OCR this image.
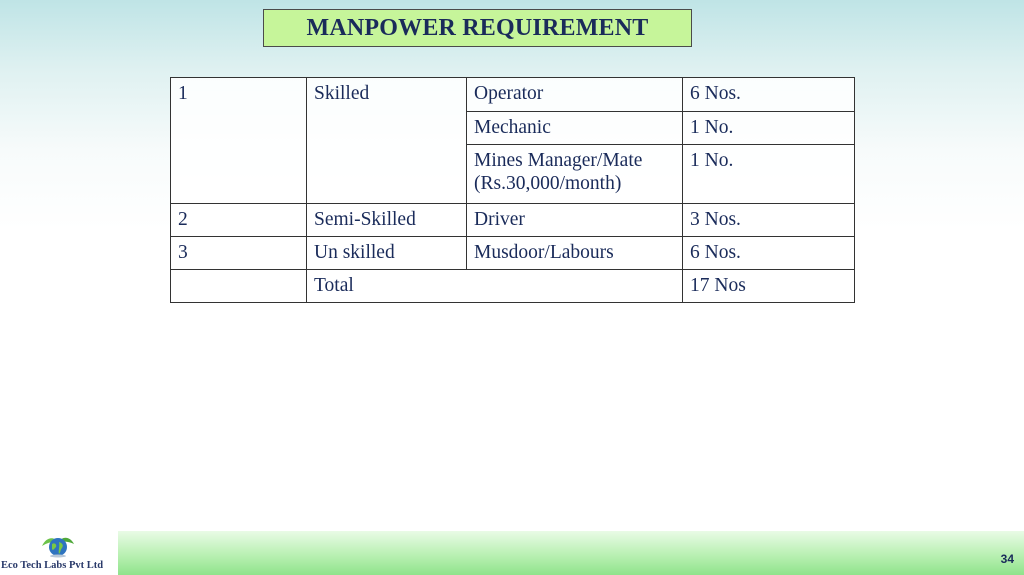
MANPOWER REQUIREMENT
1	Skilled	Operator	6 Nos.
		Mechanic	1 No.
		Mines Manager/Mate (Rs.30,000/month)	1 No.
2	Semi-Skilled	Driver	3 Nos.
3	Un skilled	Musdoor/Labours	6 Nos.
	Total		17 Nos
Eco Tech Labs Pvt Ltd	34
